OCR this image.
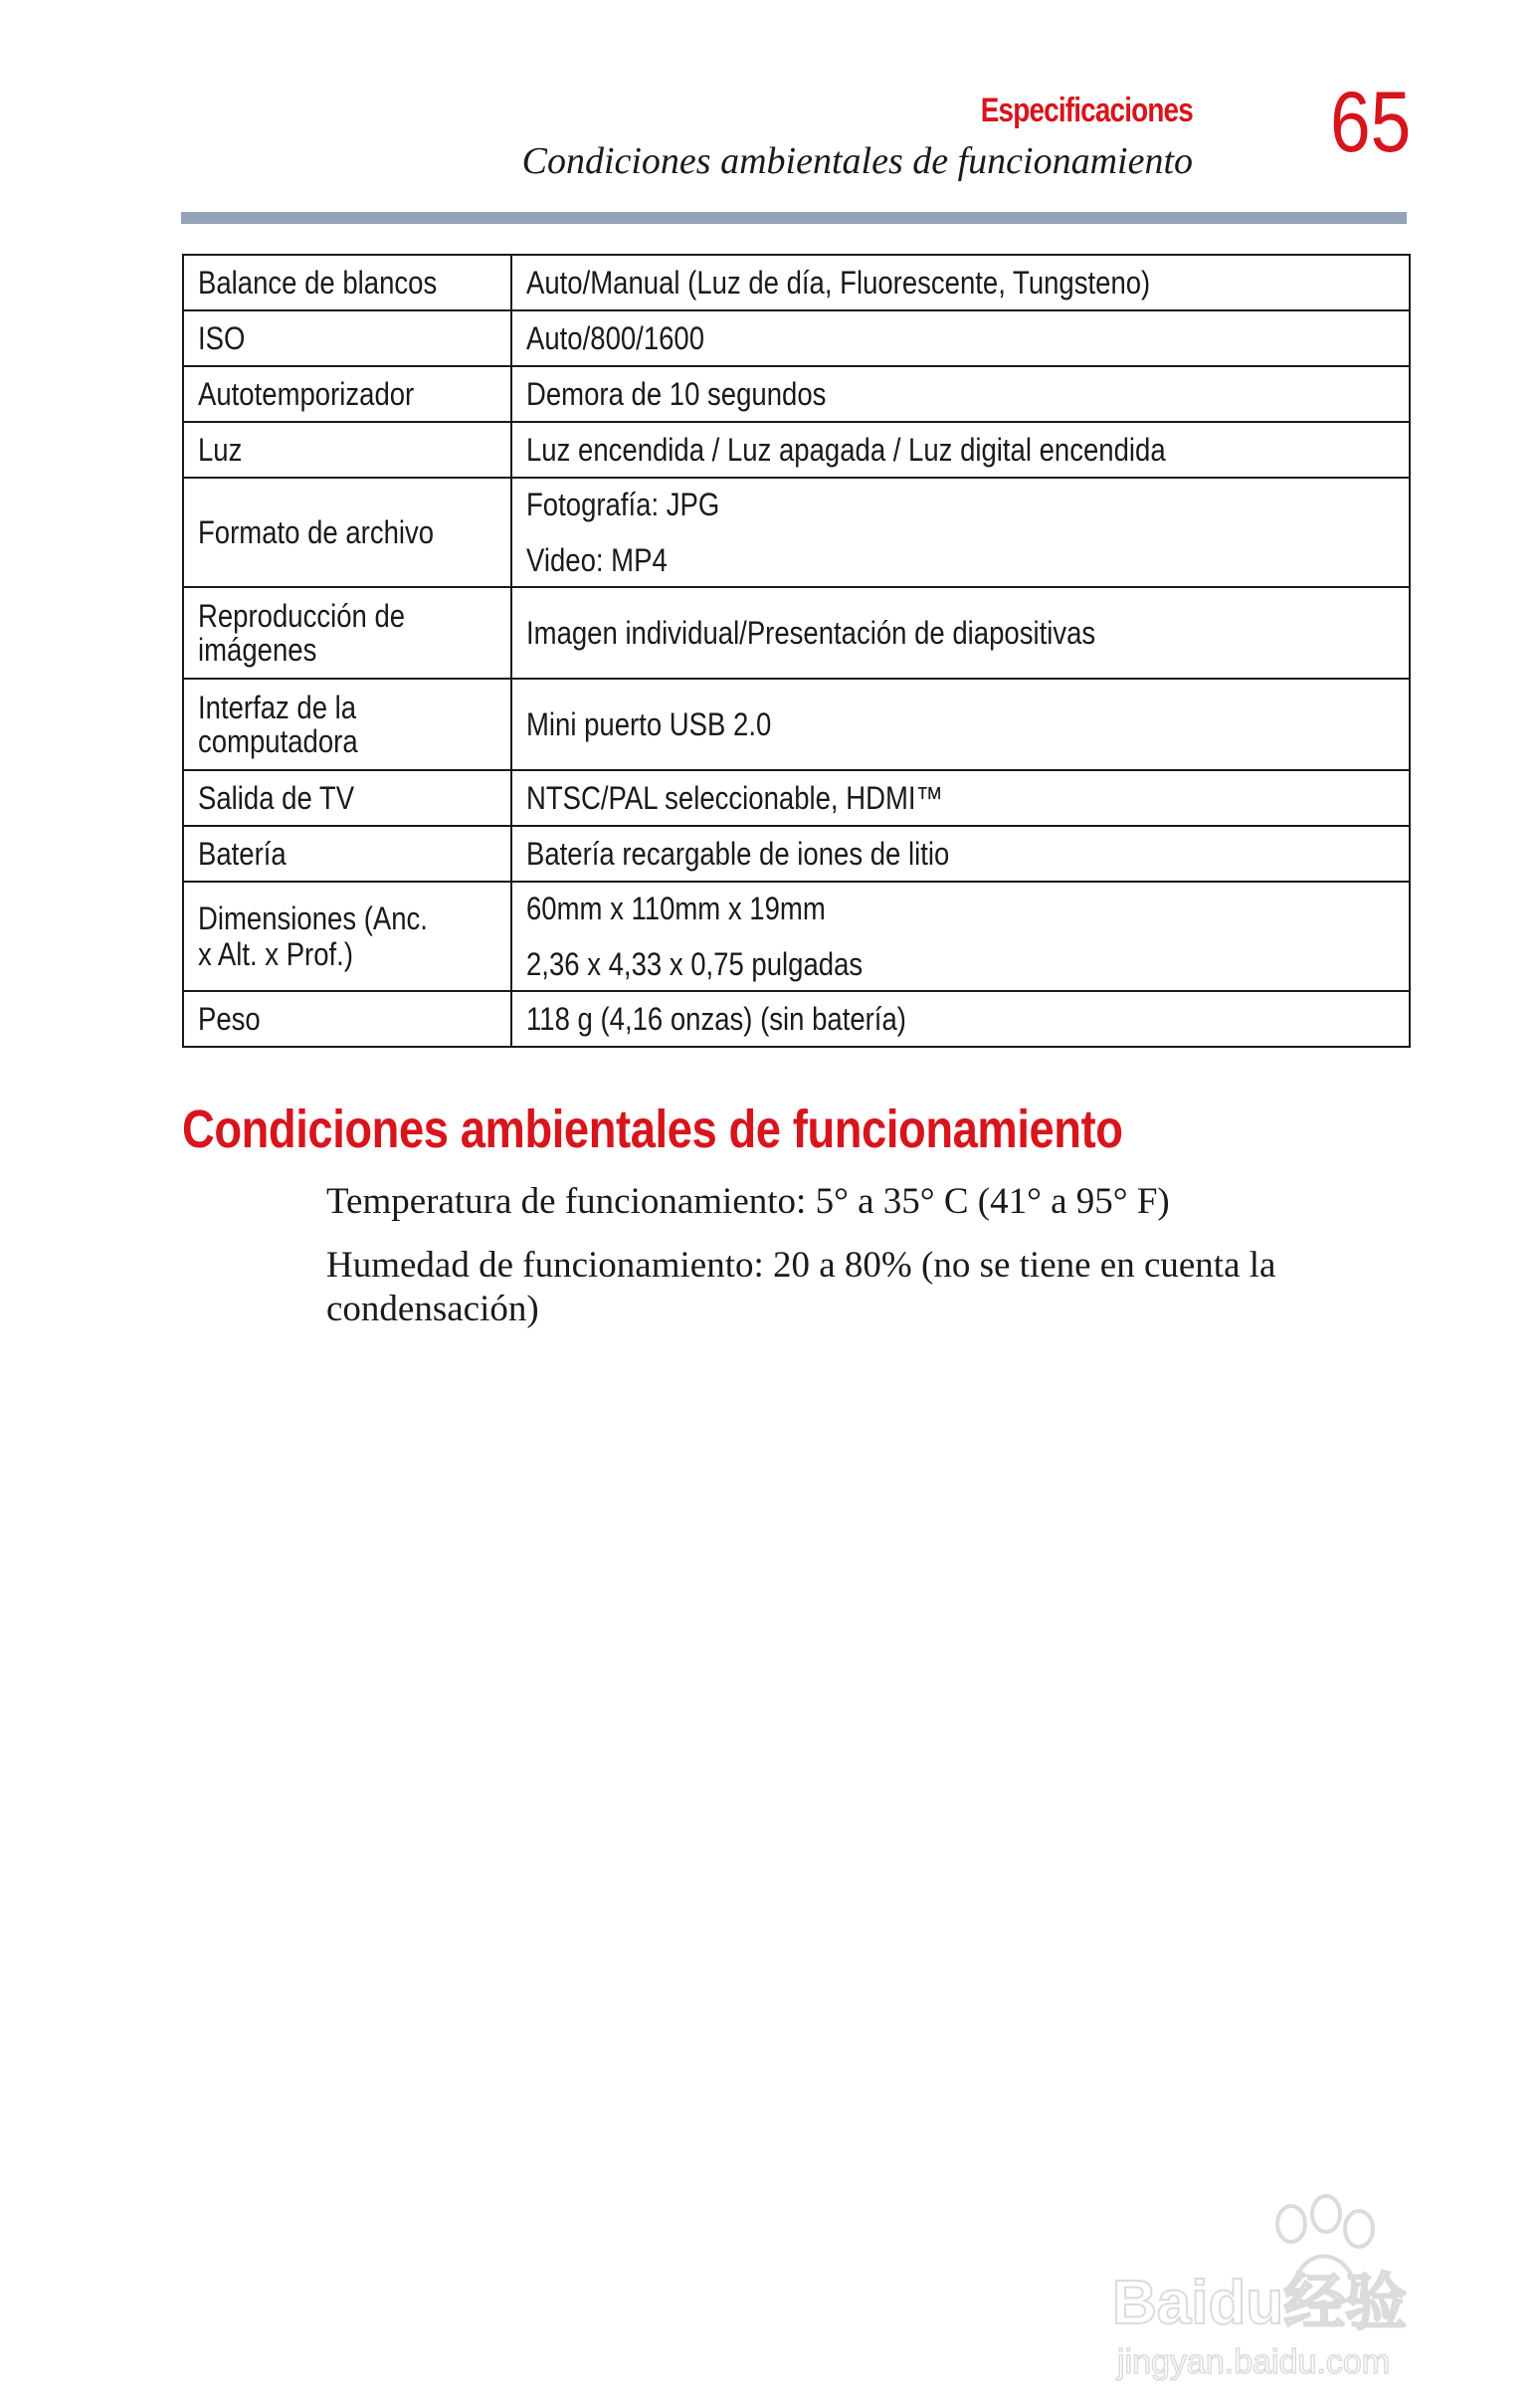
Especificaciones
Condiciones ambientales de funcionamiento 65
Balance de blancos	Auto/Manual (Luz de día, Fluorescente, Tungsteno)
ISO	Auto/800/1600
Autotemporizador	Demora de 10 segundos
Luz	Luz encendida / Luz apagada / Luz digital encendida
Formato de archivo	Fotografía: JPG
Video: MP4

Reproducción de imágenes	Imagen individual/Presentación de diapositivas
Interfaz de la computadora	Mini puerto USB 2.0
Salida de TV	NTSC/PAL seleccionable, HDMI™
Batería	Batería recargable de iones de litio
Dimensiones (Anc. x Alt. x Prof.)	60mm x 110mm x 19mm
2,36 x 4,33 x 0,75 pulgadas

Peso	118 g (4,16 onzas) (sin batería)
Condiciones ambientales de funcionamiento
Temperatura de funcionamiento: 5° a 35° C (41° a 95° F)
Humedad de funcionamiento: 20 a 80% (no se tiene en cuenta la condensación)
Baidu经验
jingyan.baidu.com
